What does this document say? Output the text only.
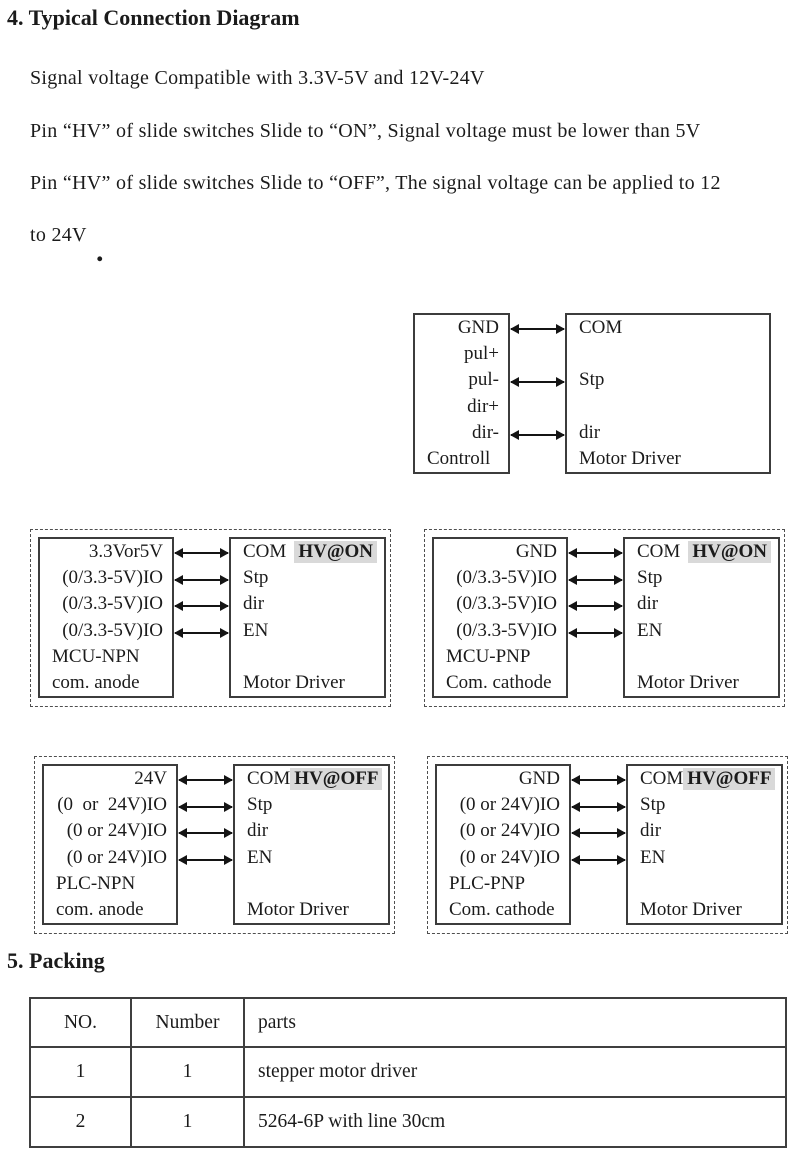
4. Typical Connection Diagram
Signal voltage Compatible with 3.3V-5V and 12V-24V
Pin “HV” of slide switches Slide to “ON”, Signal voltage must be lower than 5V
Pin “HV” of slide switches Slide to “OFF”, The signal voltage can be applied to 12
to 24V .
GND
pul+
pul-
dir+
dir-
Controll
COM
Stp
dir
Motor Driver
3.3Vor5V
(0/3.3-5V)IO
(0/3.3-5V)IO
(0/3.3-5V)IO
MCU-NPN
com. anode
COM HV@ON
Stp
dir
EN
Motor Driver
GND
(0/3.3-5V)IO
(0/3.3-5V)IO
(0/3.3-5V)IO
MCU-PNP
Com. cathode
COM HV@ON
Stp
dir
EN
Motor Driver
24V
(0  or  24V)IO
(0 or 24V)IO
(0 or 24V)IO
PLC-NPN
com. anode
COM HV@OFF
Stp
dir
EN
Motor Driver
GND
(0 or 24V)IO
(0 or 24V)IO
(0 or 24V)IO
PLC-PNP
Com. cathode
COM HV@OFF
Stp
dir
EN
Motor Driver
5. Packing
NO.	Number	parts
1	1	stepper motor driver
2	1	5264-6P with line 30cm
